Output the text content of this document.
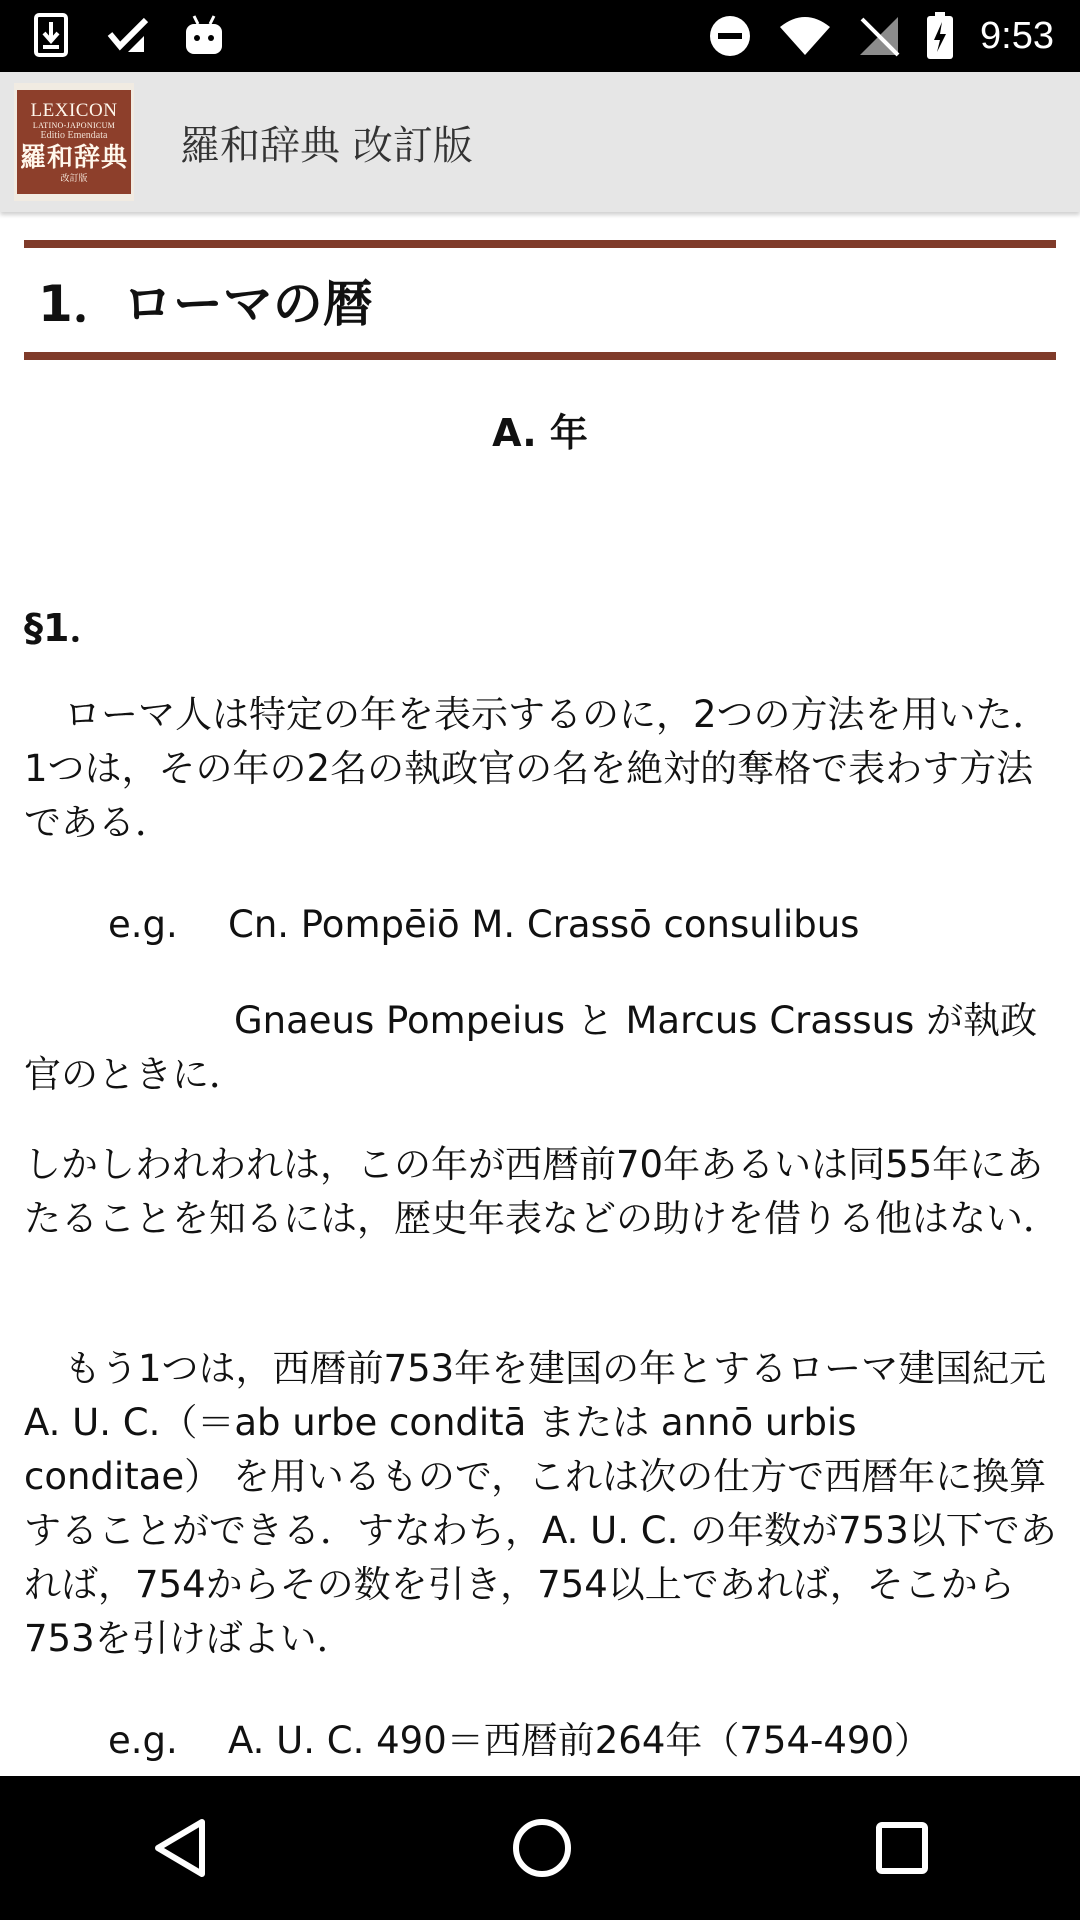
9:53
LEXICON
LATINO-JAPONICUM
Editio Emendata
羅和辞典
改訂版
羅和辞典 改訂版
1．ローマの暦
A. 年
§1．

ローマ人は特定の年を表示するのに，2つの方法を用いた．1つは，その年の2名の執政官の名を絶対的奪格で表わす方法である．

e.g. Cn. Pompēiō M. Crassō consulibus

Gnaeus Pompeius と Marcus Crassus が執政官のときに．

しかしわれわれは，この年が西暦前70年あるいは同55年にあたることを知るには，歴史年表などの助けを借りる他はない．

もう1つは，西暦前753年を建国の年とするローマ建国紀元 A. U. C.（＝ab urbe conditā または annō urbis conditae） を用いるもので，これは次の仕方で西暦年に換算することができる．すなわち，A. U. C. の年数が753以下であれば，754からその数を引き，754以上であれば，そこから753を引けばよい．

e.g. A. U. C. 490＝西暦前264年（754-490）
